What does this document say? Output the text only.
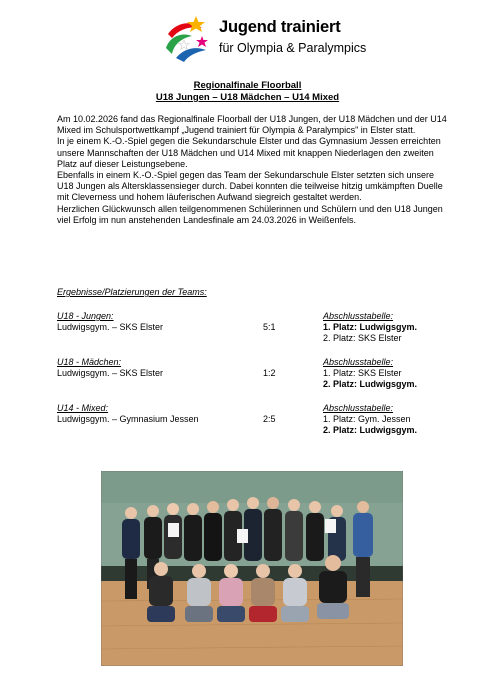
Jugend trainiert
für Olympia & Paralympics
Regionalfinale Floorball
U18 Jungen – U18 Mädchen – U14 Mixed

Am 10.02.2026 fand das Regionalfinale Floorball der U18 Jungen, der U18 Mädchen und der U14 Mixed im Schulsportwettkampf „Jugend trainiert für Olympia & Paralympics" in Elster statt.

In je einem K.-O.-Spiel gegen die Sekundarschule Elster und das Gymnasium Jessen erreichten unsere Mannschaften der U18 Mädchen und U14 Mixed mit knappen Niederlagen den zweiten Platz auf dieser Leistungsebene.

Ebenfalls in einem K.-O.-Spiel gegen das Team der Sekundarschule Elster setzten sich unsere U18 Jungen als Altersklassensieger durch. Dabei konnten die teilweise hitzig umkämpften Duelle mit Cleverness und hohem läuferischen Aufwand siegreich gestaltet werden.

Herzlichen Glückwunsch allen teilgenommenen Schülerinnen und Schülern und den U18 Jungen viel Erfolg im nun anstehenden Landesfinale am 24.03.2026 in Weißenfels.

Ergebnisse/Platzierungen der Teams:
U18 - Jungen:
Ludwigsgym. – SKS Elster	5:1
Abschlusstabelle:
1. Platz: Ludwigsgym.
2. Platz: SKS Elster
U18 - Mädchen:
Ludwigsgym. – SKS Elster	1:2
Abschlusstabelle:
1. Platz: SKS Elster
2. Platz: Ludwigsgym.
U14 - Mixed:
Ludwigsgym. – Gymnasium Jessen	2:5
Abschlusstabelle:
1. Platz: Gym. Jessen
2. Platz: Ludwigsgym.
